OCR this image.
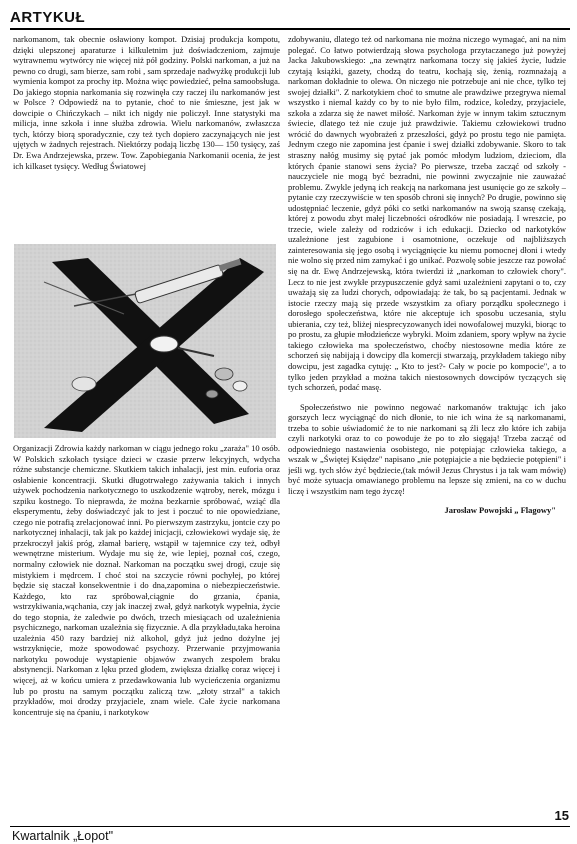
ARTYKUŁ

narkomanom, tak obecnie osławiony kompot. Dzisiaj produkcja kompotu, dzięki ulepszonej aparaturze i kilkuletnim już doświadczeniom, zajmuje wytrawnemu wytwórcy nie więcej niż pół godziny. Polski narkoman, a już na pewno co drugi, sam bierze, sam robi , sam sprzedaje nadwyżkę produkcji lub wymienia kompot za prochy itp. Można więc powiedzieć, pełna samoobsługa. Do jakiego stopnia narkomania się rozwinęła czy raczej ilu narkomanów jest w Polsce ? Odpowiedź na to pytanie, choć to nie śmieszne, jest jak w dowcipie o Chińczykach – nikt ich nigdy nie policzył. Inne statystyki ma milicja, inne szkoła i inne służba zdrowia. Wielu narkomanów, zwłaszcza tych, którzy biorą sporadycznie, czy też tych dopiero zaczynających nie jest ujętych w żadnych rejestrach. Niektórzy podają liczbę 130— 150 tysięcy, zaś Dr. Ewa Andrzejewska, przew. Tow. Zapobiegania Narkomanii ocenia, że jest ich kilkaset tysięcy. Według Światowej

Organizacji Zdrowia każdy narkoman w ciągu jednego roku „zaraża" 10 osób. W Polskich szkołach tysiące dzieci w czasie przerw lekcyjnych, wdycha różne substancje chemiczne. Skutkiem takich inhalacji, jest min. euforia oraz osłabienie koncentracji. Skutki długotrwałego zażywania takich i innych używek pochodzenia narkotycznego to uszkodzenie wątroby, nerek, mózgu i szpiku kostnego. To nieprawda, że można bezkarnie spróbować, wziąć dla eksperymentu, żeby doświadczyć jak to jest i poczuć to nie opowiedziane, czego nie potrafią zrelacjonować inni. Po pierwszym zastrzyku, jontcie czy po narkotycznej inhalacji, tak jak po każdej inicjacji, człowiekowi wydaje się, że przekroczył jakiś próg, złamał barierę, wstąpił w tajemnice czy też, odbył wewnętrzne misterium. Wydaje mu się że, wie lepiej, poznał coś, czego, normalny człowiek nie doznał. Narkoman na początku swej drogi, czuje się mistykiem i mędrcem. I choć stoi na szczycie równi pochyłej, po której będzie się staczał konsekwentnie i do dna,zapomina o niebezpieczeństwie. Każdego, kto raz spróbował,ciągnie do grzania, ćpania, wstrzykiwania,wąchania, czy jak inaczej zwał, gdyż narkotyk wypełnia, życie do tego stopnia, że zaledwie po dwóch, trzech miesiącach od uzależnienia psychicznego, narkoman uzależnia się fizycznie. A dla przykładu,taka heroina uzależnia 450 razy bardziej niż alkohol, gdyż już jedno dożylne jej wstrzyknięcie, może spowodować psychozy. Przerwanie przyjmowania narkotyku powoduje wystąpienie objawów zwanych zespołem braku abstynencji. Narkoman z lęku przed głodem, zwiększa działkę coraz więcej i więcej, aż w końcu umiera z przedawkowania lub wycieńczenia organizmu lub po prostu na samym początku zaliczą tzw. „złoty strzał" a takich przykładów, moi drodzy przyjaciele, znam wiele. Całe życie narkomana koncentruje się na ćpaniu, i narkotykow

zdobywaniu, dlatego też od narkomana nie można niczego wymagać, ani na nim polegać. Co łatwo potwierdzają słowa psychologa przytaczanego już powyżej Jacka Jakubowskiego: „na zewnątrz narkomana toczy się jakieś życie, ludzie czytają książki, gazety, chodzą do teatru, kochają się, żenią, rozmnażają a narkoman dokładnie to olewa. On niczego nie potrzebuje ani nie chce, tylko tej swojej działki". Z narkotykiem choć to smutne ale prawdziwe przegrywa niemal wszystko i niemal każdy co by to nie było film, rodzice, koledzy, przyjaciele, szkoła a zdarza się że nawet miłość. Narkoman żyje w innym takim sztucznym świecie, dlatego też nie czuje już prawdziwie. Takiemu człowiekowi trudno wrócić do dawnych wyobrażeń z przeszłości, gdyż po prostu tego nie pamięta. Jednym czego nie zapomina jest ćpanie i swej działki zdobywanie. Skoro to tak straszny nałóg musimy się pytać jak pomóc młodym ludziom, dzieciom, dla których ćpanie stanowi sens życia? Po pierwsze, trzeba zacząć od szkoły - nauczyciele nie mogą być bezradni, nie powinni zwyczajnie nie zauważać problemu. Zwykle jedyną ich reakcją na narkomana jest usunięcie go ze szkoły – pytanie czy rzeczywiście w ten sposób chroni się innych? Po drugie, powinno się udostępniać leczenie, gdyż póki co setki narkomanów na swoją szansę czekają, której z powodu zbyt małej liczebności ośrodków nie posiadają. I wreszcie, po trzecie, wiele zależy od rodziców i ich edukacji. Dziecko od narkotyków uzależnione jest zagubione i osamotnione, oczekuje od najbliższych zainteresowania się jego osobą i wyciągnięcie ku niemu pomocnej dłoni i wtedy nie wolno się przed nim zamykać i go unikać. Pozwolę sobie jeszcze raz powołać się na dr. Ewę Andrzejewską, która twierdzi iż „narkoman to człowiek chory". Lecz to nie jest zwykłe przypuszczenie gdyż sami uzależnieni zapytani o to, czy uważają się za ludzi chorych, odpowiadają: że tak, bo są pacjentami. Jednak w istocie rzeczy mają się przede wszystkim za ofiary porządku społecznego i dorosłego społeczeństwa, które nie akceptuje ich sposobu uczesania, stylu ubierania, czy też, bliżej niesprecyzowanych idei nowofalowej muzyki, biorąc to po prostu, za głupie młodzieńcze wybryki. Moim zdaniem, spory wpływ na życie takiego człowieka ma społeczeństwo, choćby niestosowne media które ze schorzeń się nabijają i dowcipy dla komercji stwarzają, przykładem takiego niby dowcipu, jest zagadka cytuję: „ Kto to jest?- Cały w pocie po kompocie", a to tylko jeden przykład a można takich niestosownych dowcipów tyczących się tych schorzeń, podać masę.

Społeczeństwo nie powinno negować narkomanów traktując ich jako gorszych lecz wyciągnąć do nich dłonie, to nie ich wina że są narkomanami, trzeba to sobie uświadomić że to nie narkomani są źli lecz zło które ich zabija czyli narkotyki oraz to co powoduje że po to zło sięgają! Trzeba zacząć od odpowiedniego nastawienia osobistego, nie potępiając człowieka takiego, a wszak w „Świętej Księdze" napisano „nie potępiajcie a nie będziecie potępieni" i jeśli wg. tych słów żyć będziecie,(tak mówił Jezus Chrystus i ja tak wam mówię) być może sytuacja omawianego problemu na lepsze się zmieni, na co w duchu liczę i wszystkim nam tego życzę!

Jarosław Powojski „ Flagowy"

15
Kwartalnik „Łopot"
